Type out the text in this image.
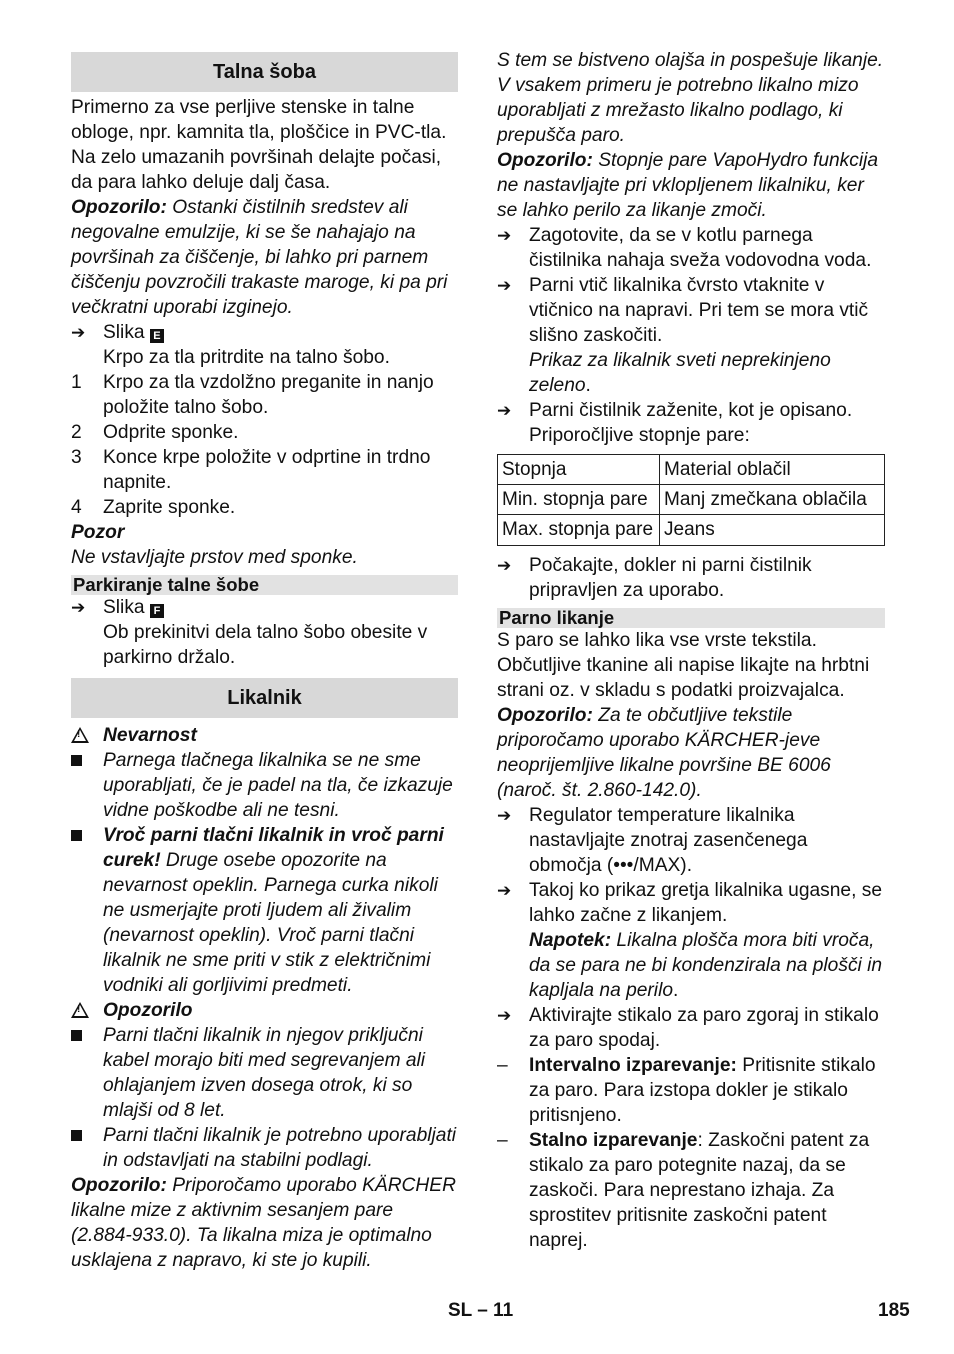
Talna šoba

Primerno za vse perljive stenske in talne obloge, npr. kamnita tla, ploščice in PVC-tla. Na zelo umazanih površinah delajte počasi, da para lahko deluje dalj časa.

Opozorilo: Ostanki čistilnih sredstev ali negovalne emulzije, ki se še nahajajo na površinah za čiščenje, bi lahko pri parnem čiščenju povzročili trakaste maroge, ki pa pri večkratni uporabi izginejo.

➔ Slika E
Krpo za tla pritrdite na talno šobo.
1	Krpo za tla vzdolžno preganite in nanjo položite talno šobo.
2	Odprite sponke.
3	Konce krpe položite v odprtine in trdno napnite.
4	Zaprite sponke.

Pozor

Ne vstavljajte prstov med sponke.

Parkiranje talne šobe
➔ Slika F
Ob prekinitvi dela talno šobo obesite v parkirno držalo.
Likalnik
!
Nevarnost
Parnega tlačnega likalnika se ne sme uporabljati, če je padel na tla, če izkazuje vidne poškodbe ali ne tesni.
Vroč parni tlačni likalnik in vroč parni curek! Druge osebe opozorite na nevarnost opeklin. Parnega curka nikoli ne usmerjajte proti ljudem ali živalim (nevarnost opeklin). Vroč parni tlačni likalnik ne sme priti v stik z električnimi vodniki ali gorljivimi predmeti.
!
Opozorilo
Parni tlačni likalnik in njegov priključni kabel morajo biti med segrevanjem ali ohlajanjem izven dosega otrok, ki so mlajši od 8 let.
Parni tlačni likalnik je potrebno uporabljati in odstavljati na stabilni podlagi.

Opozorilo: Priporočamo uporabo KÄRCHER likalne mize z aktivnim sesanjem pare (2.884-933.0). Ta likalna miza je optimalno usklajena z napravo, ki ste jo kupili.

S tem se bistveno olajša in pospešuje likanje. V vsakem primeru je potrebno likalno mizo uporabljati z mrežasto likalno podlago, ki prepušča paro.

Opozorilo: Stopnje pare VapoHydro funkcija ne nastavljajte pri vklopljenem likalniku, ker se lahko perilo za likanje zmoči.

➔ Zagotovite, da se v kotlu parnega čistilnika nahaja sveža vodovodna voda.
➔ Parni vtič likalnika čvrsto vtaknite v vtičnico na napravi. Pri tem se mora vtič slišno zaskočiti.
Prikaz za likalnik sveti neprekinjeno zeleno.
➔ Parni čistilnik zaženite, kot je opisano. Priporočljive stopnje pare:
Stopnja	Material oblačil
Min. stopnja pare	Manj zmečkana oblačila
Max. stopnja pare	Jeans
➔ Počakajte, dokler ni parni čistilnik pripravljen za uporabo.
Parno likanje

S paro se lahko lika vse vrste tekstila. Občutljive tkanine ali napise likajte na hrbtni strani oz. v skladu s podatki proizvajalca.

Opozorilo: Za te občutljive tekstile priporočamo uporabo KÄRCHER-jeve neoprijemljive likalne površine BE 6006 (naroč. št. 2.860-142.0).

➔ Regulator temperature likalnika nastavljajte znotraj zasenčenega območja (•••/MAX).
➔ Takoj ko prikaz gretja likalnika ugasne, se lahko začne z likanjem.
Napotek: Likalna plošča mora biti vroča, da se para ne bi kondenzirala na plošči in kapljala na perilo.
➔ Aktivirajte stikalo za paro zgoraj in stikalo za paro spodaj.
–	Intervalno izparevanje: Pritisnite stikalo za paro. Para izstopa dokler je stikalo pritisnjeno.
–	Stalno izparevanje: Zaskočni patent za stikalo za paro potegnite nazaj, da se zaskoči. Para neprestano izhaja. Za sprostitev pritisnite zaskočni patent naprej.
SL – 11	185
